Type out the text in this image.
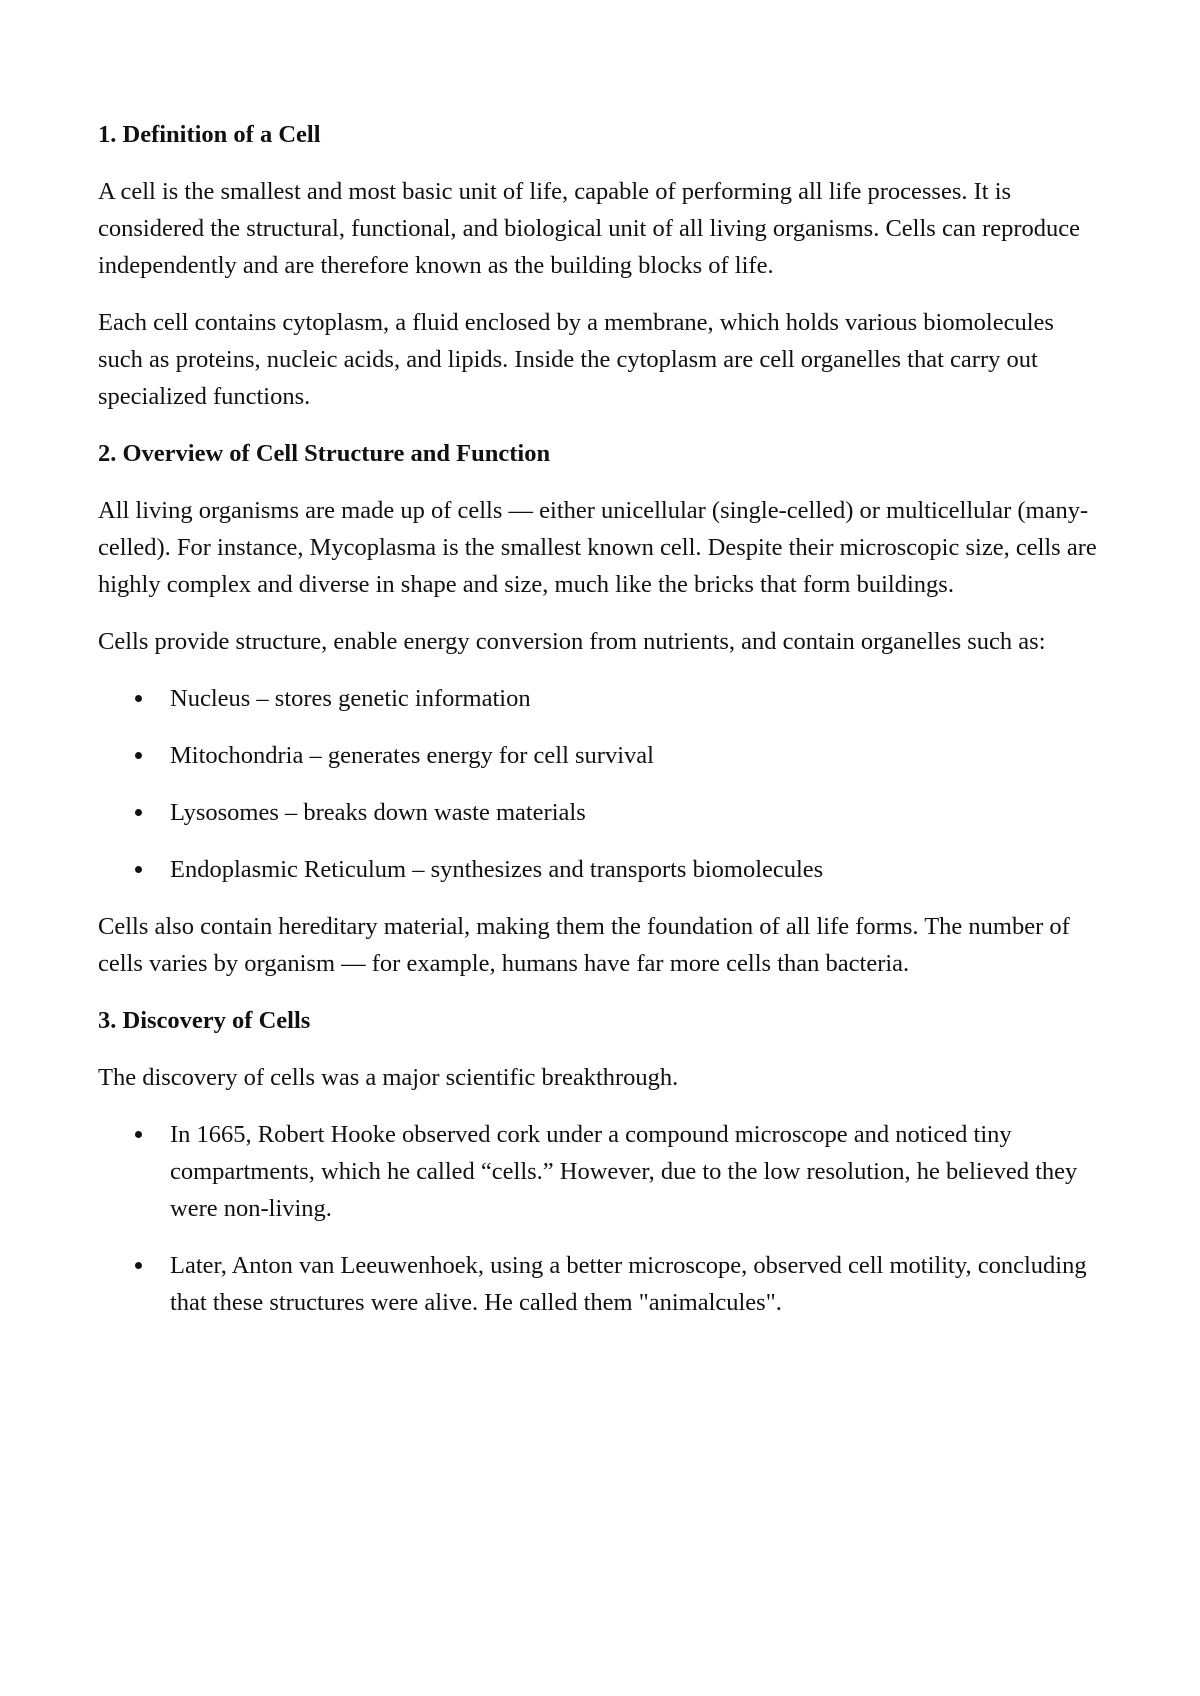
1. Definition of a Cell
A cell is the smallest and most basic unit of life, capable of performing all life processes. It is considered the structural, functional, and biological unit of all living organisms. Cells can reproduce independently and are therefore known as the building blocks of life.
Each cell contains cytoplasm, a fluid enclosed by a membrane, which holds various biomolecules such as proteins, nucleic acids, and lipids. Inside the cytoplasm are cell organelles that carry out specialized functions.
2. Overview of Cell Structure and Function
All living organisms are made up of cells — either unicellular (single-celled) or multicellular (many-celled). For instance, Mycoplasma is the smallest known cell. Despite their microscopic size, cells are highly complex and diverse in shape and size, much like the bricks that form buildings.
Cells provide structure, enable energy conversion from nutrients, and contain organelles such as:
Nucleus – stores genetic information
Mitochondria – generates energy for cell survival
Lysosomes – breaks down waste materials
Endoplasmic Reticulum – synthesizes and transports biomolecules
Cells also contain hereditary material, making them the foundation of all life forms. The number of cells varies by organism — for example, humans have far more cells than bacteria.
3. Discovery of Cells
The discovery of cells was a major scientific breakthrough.
In 1665, Robert Hooke observed cork under a compound microscope and noticed tiny compartments, which he called “cells.” However, due to the low resolution, he believed they were non-living.
Later, Anton van Leeuwenhoek, using a better microscope, observed cell motility, concluding that these structures were alive. He called them "animalcules".
